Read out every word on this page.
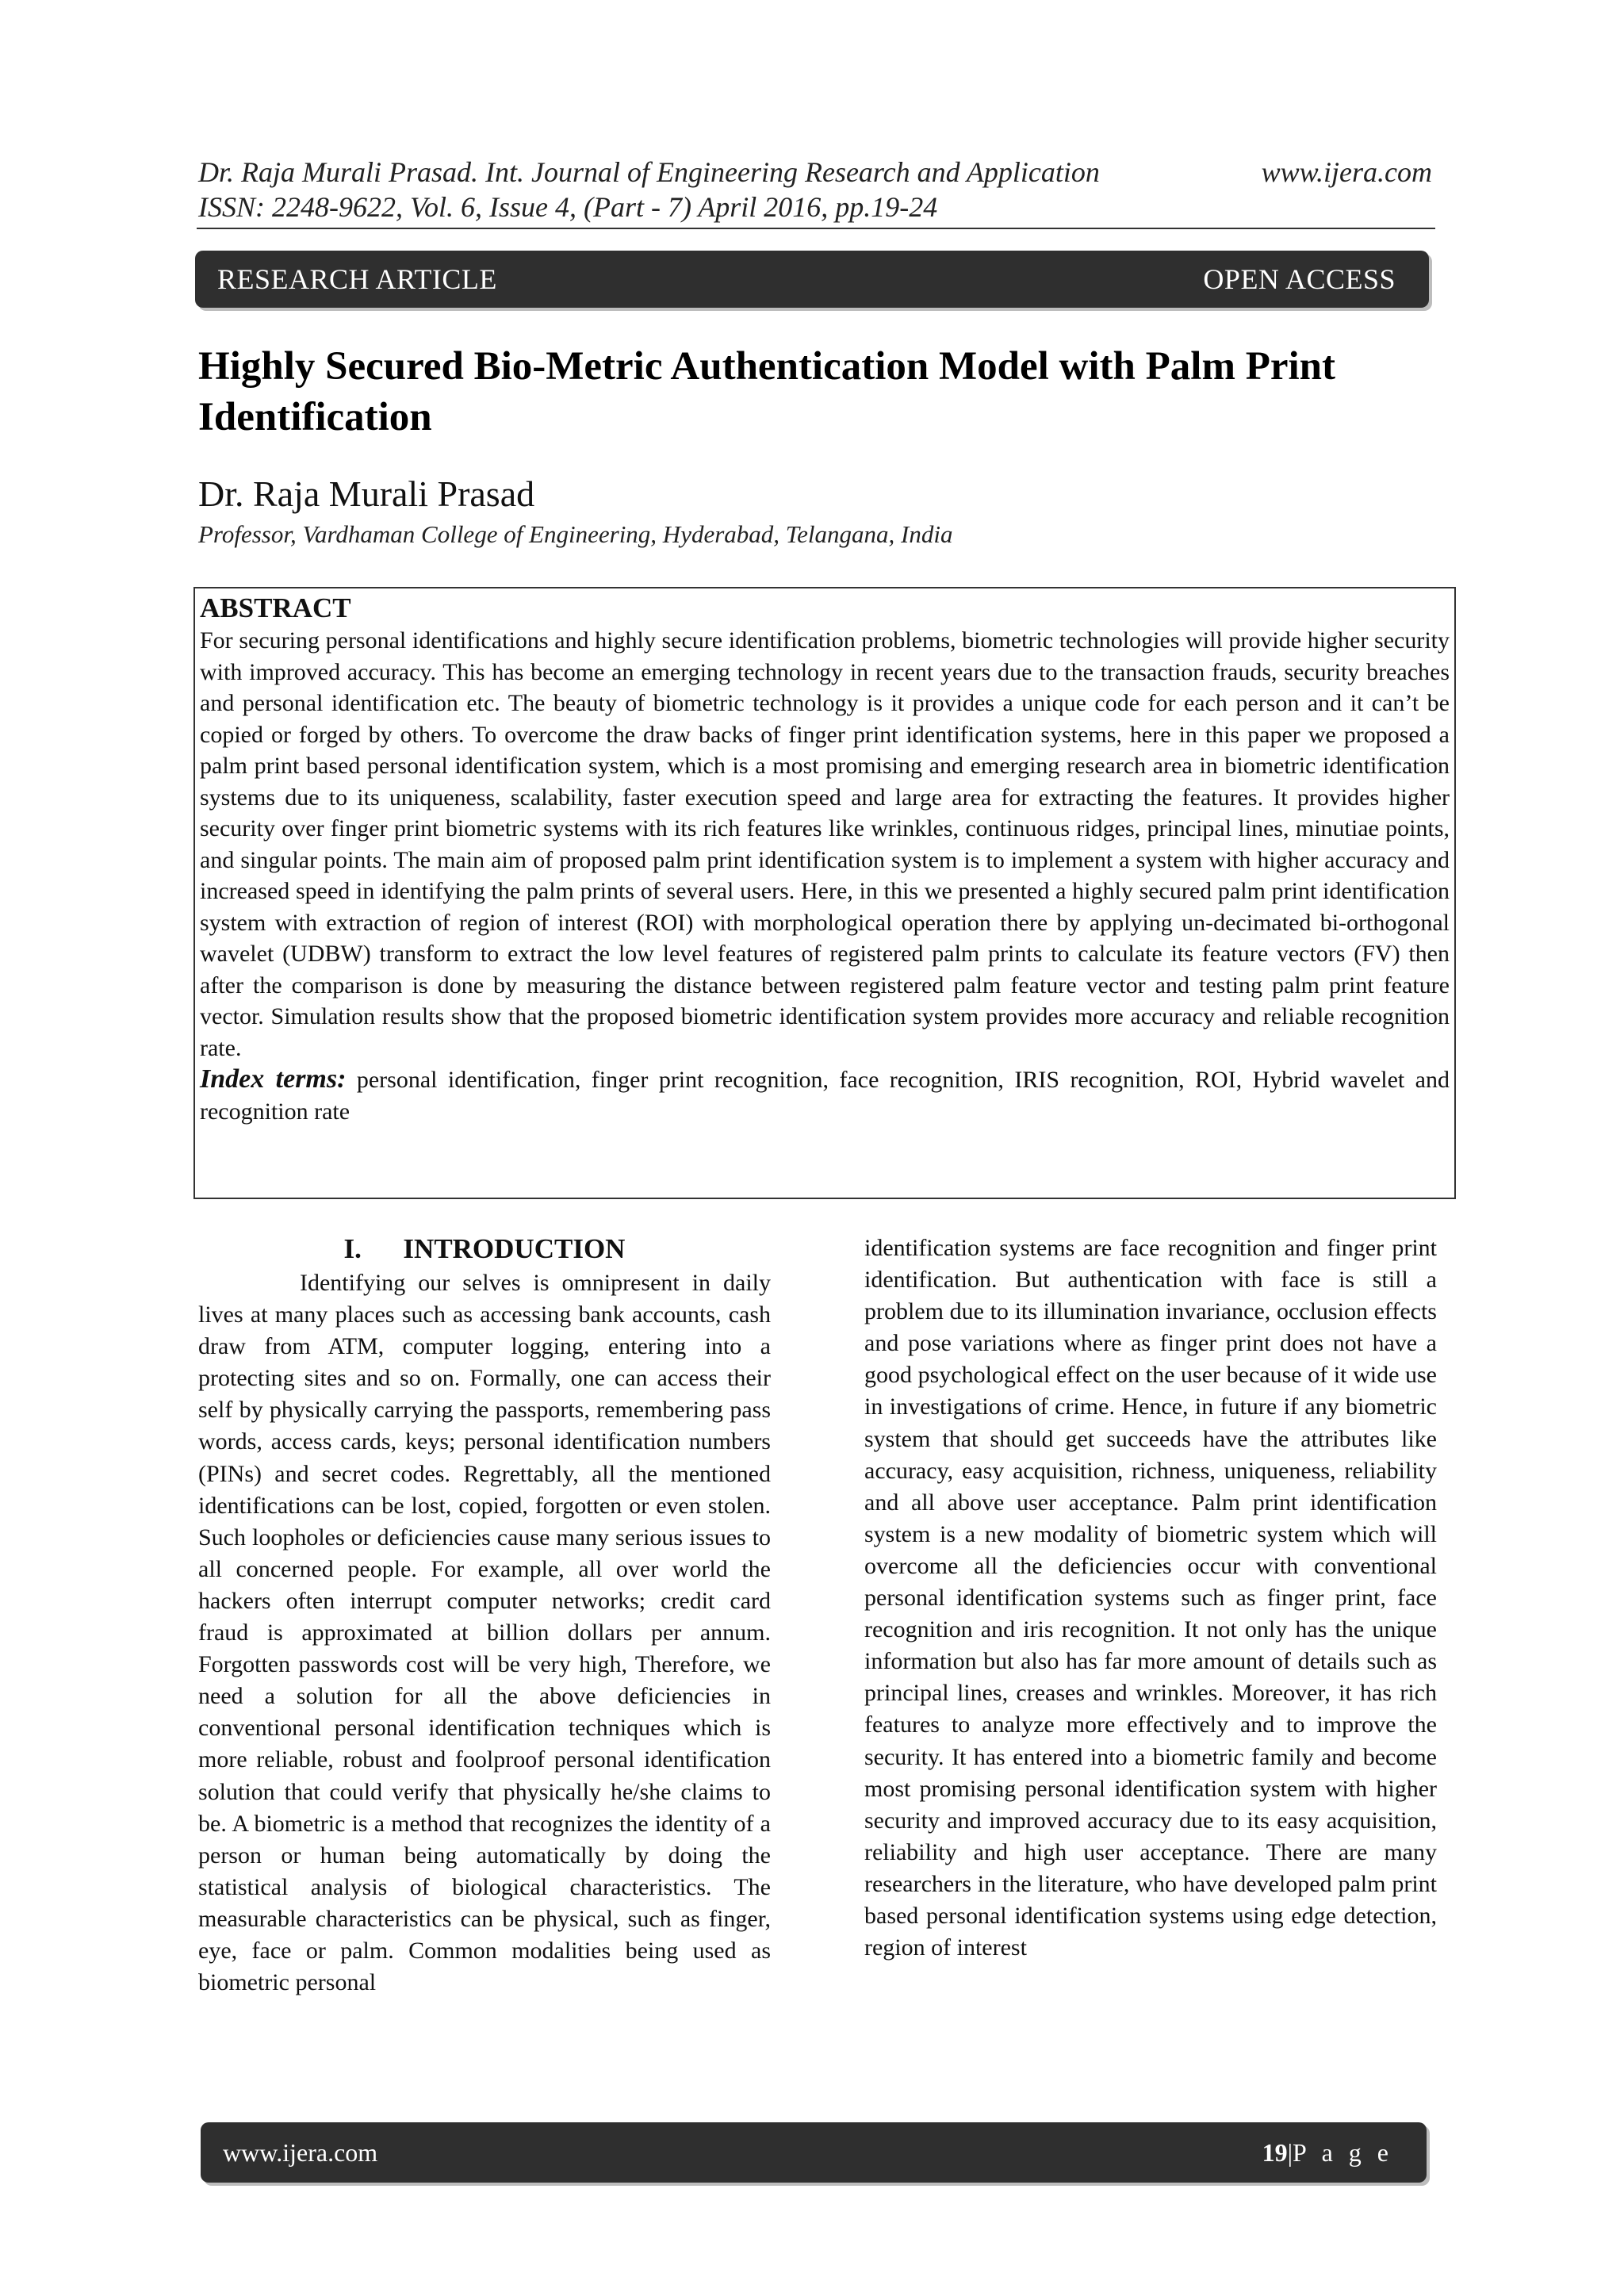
Dr. Raja Murali Prasad. Int. Journal of Engineering Research and Application	www.ijera.com
ISSN: 2248-9622, Vol. 6, Issue 4, (Part - 7) April 2016, pp.19-24
RESEARCH ARTICLE	OPEN ACCESS
Highly Secured Bio-Metric Authentication Model with Palm Print Identification
Dr. Raja Murali Prasad
Professor, Vardhaman College of Engineering, Hyderabad, Telangana, India
ABSTRACT

For securing personal identifications and highly secure identification problems, biometric technologies will provide higher security with improved accuracy. This has become an emerging technology in recent years due to the transaction frauds, security breaches and personal identification etc. The beauty of biometric technology is it provides a unique code for each person and it can’t be copied or forged by others. To overcome the draw backs of finger print identification systems, here in this paper we proposed a palm print based personal identification system, which is a most promising and emerging research area in biometric identification systems due to its uniqueness, scalability, faster execution speed and large area for extracting the features. It provides higher security over finger print biometric systems with its rich features like wrinkles, continuous ridges, principal lines, minutiae points, and singular points. The main aim of proposed palm print identification system is to implement a system with higher accuracy and increased speed in identifying the palm prints of several users. Here, in this we presented a highly secured palm print identification system with extraction of region of interest (ROI) with morphological operation there by applying un-decimated bi-orthogonal wavelet (UDBW) transform to extract the low level features of registered palm prints to calculate its feature vectors (FV) then after the comparison is done by measuring the distance between registered palm feature vector and testing palm print feature vector. Simulation results show that the proposed biometric identification system provides more accuracy and reliable recognition rate.

Index terms: personal identification, finger print recognition, face recognition, IRIS recognition, ROI, Hybrid wavelet and recognition rate

I.      INTRODUCTION

Identifying our selves is omnipresent in daily lives at many places such as accessing bank accounts, cash draw from ATM, computer logging, entering into a protecting sites and so on. Formally, one can access their self by physically carrying the passports, remembering pass words, access cards, keys; personal identification numbers (PINs) and secret codes. Regrettably, all the mentioned identifications can be lost, copied, forgotten or even stolen. Such loopholes or deficiencies cause many serious issues to all concerned people. For example, all over world the hackers often interrupt computer networks; credit card fraud is approximated at billion dollars per annum. Forgotten passwords cost will be very high, Therefore, we need a solution for all the above deficiencies in conventional personal identification techniques which is more reliable, robust and foolproof personal identification solution that could verify that physically he/she claims to be. A biometric is a method that recognizes the identity of a person or human being automatically by doing the statistical analysis of biological characteristics. The measurable characteristics can be physical, such as finger, eye, face or palm. Common modalities being used as biometric personal

identification systems are face recognition and finger print identification. But authentication with face is still a problem due to its illumination invariance, occlusion effects and pose variations where as finger print does not have a good psychological effect on the user because of it wide use in investigations of crime. Hence, in future if any biometric system that should get succeeds have the attributes like accuracy, easy acquisition, richness, uniqueness, reliability and all above user acceptance. Palm print identification system is a new modality of biometric system which will overcome all the deficiencies occur with conventional personal identification systems such as finger print, face recognition and iris recognition. It not only has the unique information but also has far more amount of details such as principal lines, creases and wrinkles. Moreover, it has rich features to analyze more effectively and to improve the security. It has entered into a biometric family and become most promising personal identification system with higher security and improved accuracy due to its easy acquisition, reliability and high user acceptance. There are many researchers in the literature, who have developed palm print based personal identification systems using edge detection, region of interest

www.ijera.com	19|P a g e
